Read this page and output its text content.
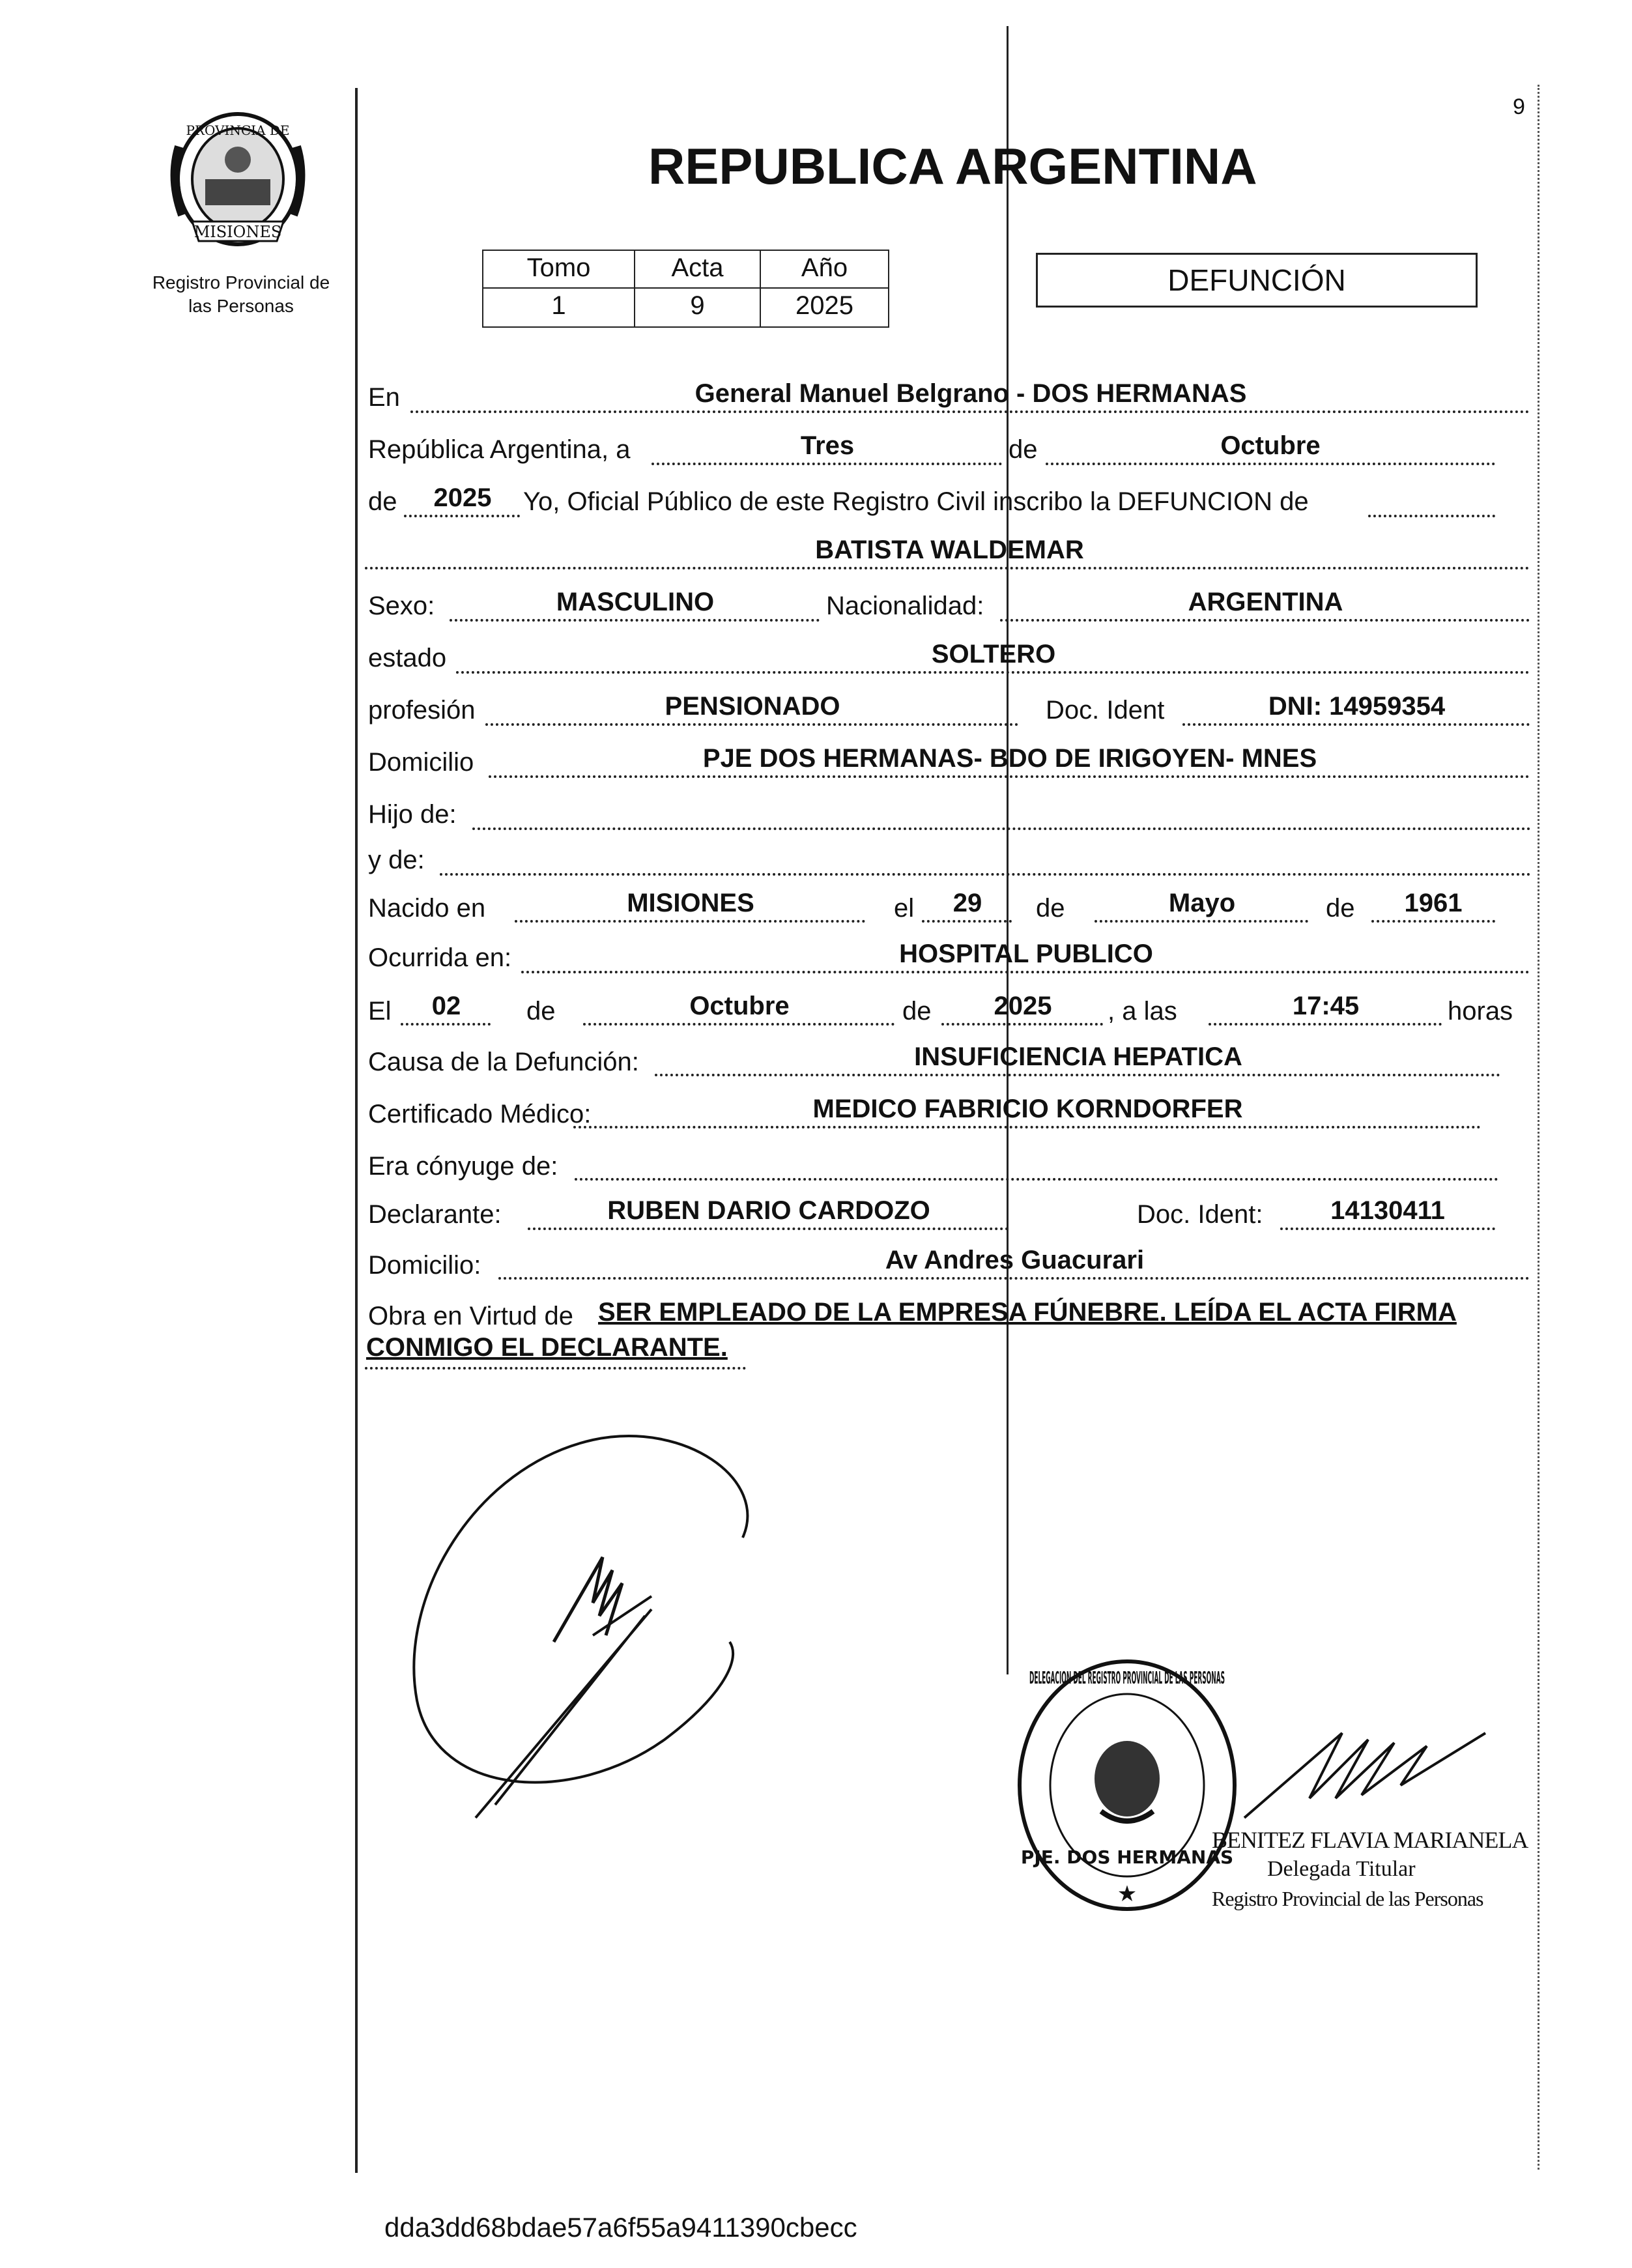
9
PROVINCIA DE
MISIONES
Registro Provincial de
las Personas
REPUBLICA ARGENTINA
Tomo	Acta	Año
1	9	2025
DEFUNCIÓN
En	General Manuel Belgrano - DOS HERMANAS
República Argentina, a	Tres	de	Octubre
de	2025	Yo, Oficial Público de este Registro Civil inscribo la DEFUNCION de
BATISTA WALDEMAR
Sexo:	MASCULINO	Nacionalidad:	ARGENTINA
estado	SOLTERO
profesión	PENSIONADO	Doc. Ident	DNI: 14959354
Domicilio	PJE DOS HERMANAS- BDO DE IRIGOYEN- MNES
Hijo de:
y de:
Nacido en	MISIONES	el	29	de	Mayo	de	1961
Ocurrida en:	HOSPITAL PUBLICO
El	02	de	Octubre	de	2025	, a las	17:45	horas
Causa de la Defunción:	INSUFICIENCIA HEPATICA
Certificado Médico:	MEDICO FABRICIO KORNDORFER
Era cónyuge de:
Declarante:	RUBEN DARIO CARDOZO	Doc. Ident:	14130411
Domicilio:	Av Andres Guacurari
Obra en Virtud de SER EMPLEADO DE LA EMPRESA FÚNEBRE. LEÍDA EL ACTA FIRMA
CONMIGO EL DECLARANTE.
DELEGACION DEL REGISTRO PROVINCIAL DE LAS PERSONAS
PJE. DOS HERMANAS
★
BENITEZ FLAVIA MARIANELA
Delegada Titular
Registro Provincial de las Personas
dda3dd68bdae57a6f55a9411390cbecc
